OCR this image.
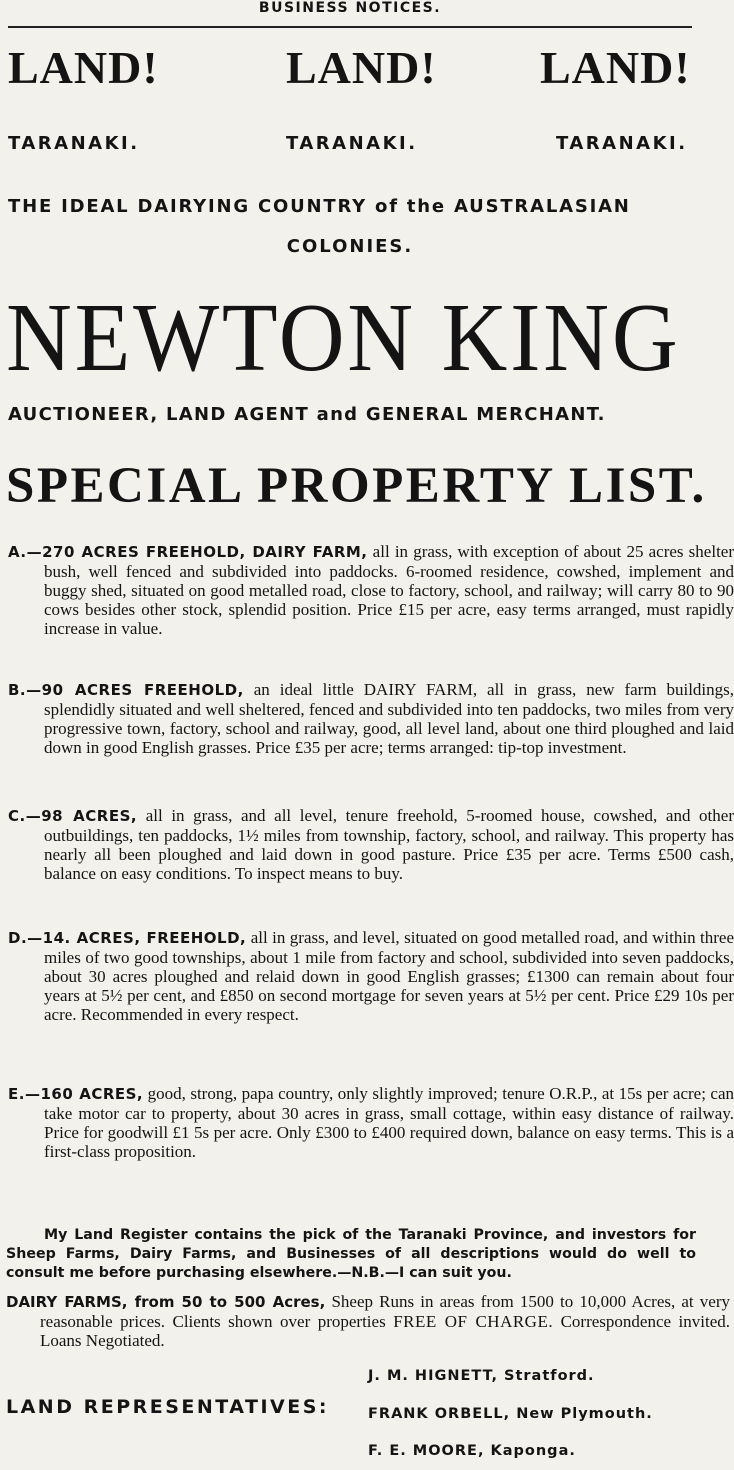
BUSINESS NOTICES.
LAND!	LAND! LAND!
TARANAKI.	TARANAKI.	TARANAKI.
THE IDEAL DAIRYING COUNTRY of the AUSTRALASIAN
COLONIES.
NEWTON KING
AUCTIONEER, LAND AGENT and GENERAL MERCHANT.
SPECIAL PROPERTY LIST.
A.—270 ACRES FREEHOLD, DAIRY FARM, all in grass, with exception of about 25 acres shelter bush, well fenced and subdivided into paddocks. 6-roomed residence, cowshed, implement and buggy shed, situated on good metalled road, close to factory, school, and railway; will carry 80 to 90 cows besides other stock, splendid position. Price £15 per acre, easy terms arranged, must rapidly increase in value.
B.—90 ACRES FREEHOLD, an ideal little DAIRY FARM, all in grass, new farm buildings, splendidly situated and well sheltered, fenced and subdivided into ten paddocks, two miles from very progressive town, factory, school and railway, good, all level land, about one third ploughed and laid down in good English grasses. Price £35 per acre; terms arranged: tip-top investment.
C.—98 ACRES, all in grass, and all level, tenure freehold, 5-roomed house, cowshed, and other outbuildings, ten paddocks, 1½ miles from township, factory, school, and railway. This property has nearly all been ploughed and laid down in good pasture. Price £35 per acre. Terms £500 cash, balance on easy conditions. To inspect means to buy.
D.—14. ACRES, FREEHOLD, all in grass, and level, situated on good metalled road, and within three miles of two good townships, about 1 mile from factory and school, subdivided into seven paddocks, about 30 acres ploughed and relaid down in good English grasses; £1300 can remain about four years at 5½ per cent, and £850 on second mortgage for seven years at 5½ per cent. Price £29 10s per acre. Recommended in every respect.
E.—160 ACRES, good, strong, papa country, only slightly improved; tenure O.R.P., at 15s per acre; can take motor car to property, about 30 acres in grass, small cottage, within easy distance of railway. Price for goodwill £1 5s per acre. Only £300 to £400 required down, balance on easy terms. This is a first-class proposition.
My Land Register contains the pick of the Taranaki Province, and investors for Sheep Farms, Dairy Farms, and Businesses of all descriptions would do well to consult me before purchasing elsewhere.—N.B.—I can suit you.
DAIRY FARMS, from 50 to 500 Acres, Sheep Runs in areas from 1500 to 10,000 Acres, at very reasonable prices. Clients shown over properties FREE OF CHARGE. Correspondence invited. Loans Negotiated.
LAND REPRESENTATIVES:
J. M. HIGNETT, Stratford.
FRANK ORBELL, New Plymouth.
F. E. MOORE, Kaponga.
